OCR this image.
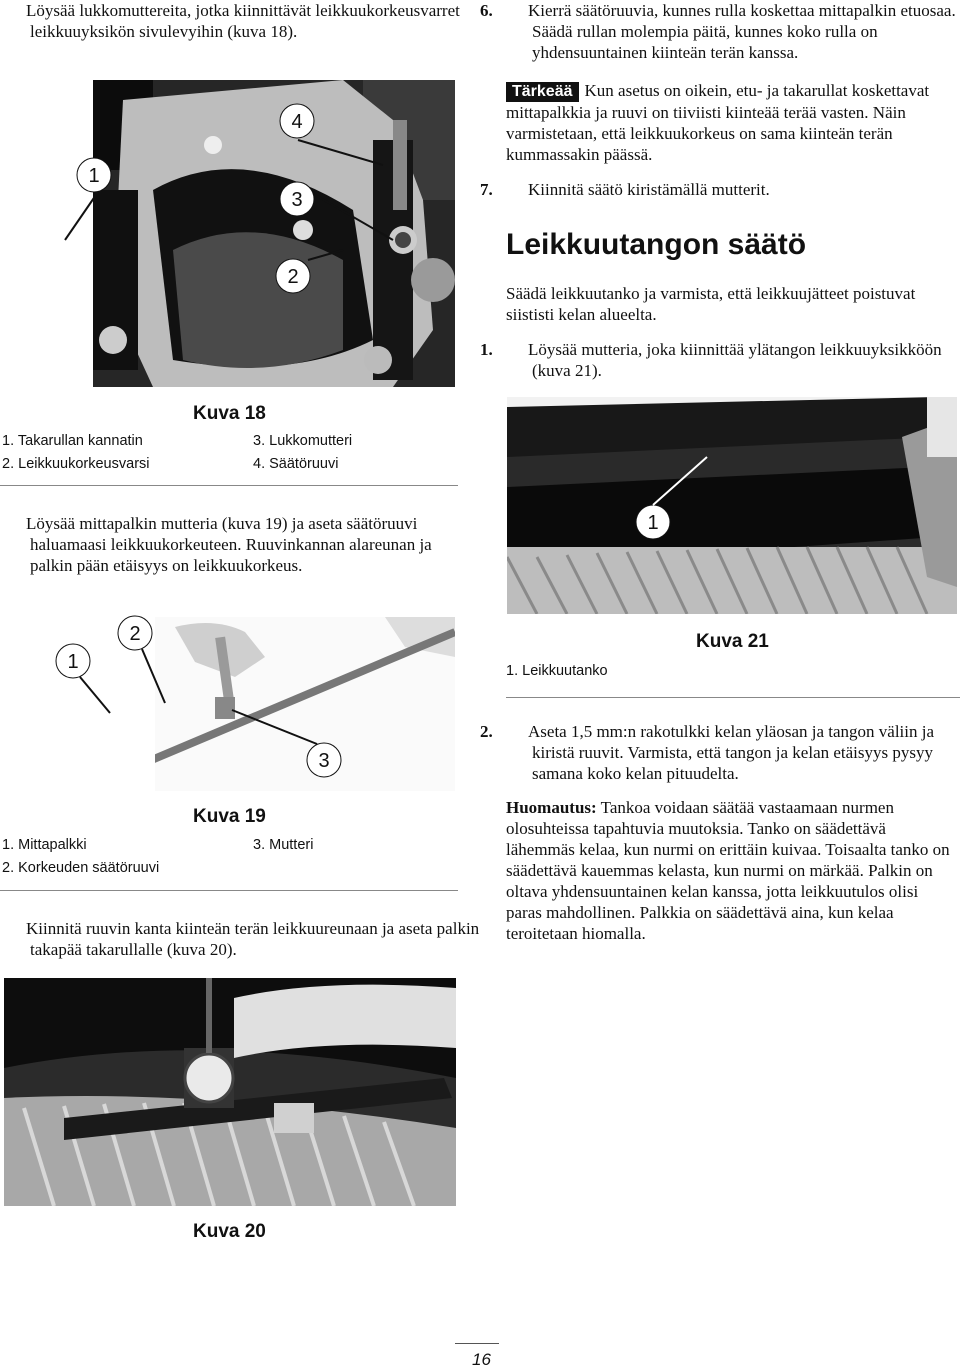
Löysää lukkomuttereita, jotka kiinnittävät leikkuukorkeusvarret leikkuuyksikön sivulevyihin (kuva 18).
1
4
3
2
Kuva 18
1. Takarullan kannatin
2. Leikkuukorkeusvarsi
3. Lukkomutteri
4. Säätöruuvi
Löysää mittapalkin mutteria (kuva 19) ja aseta säätöruuvi haluamaasi leikkuukorkeuteen. Ruuvinkannan alareunan ja palkin pään etäisyys on leikkuukorkeus.
1
2
3
Kuva 19
1. Mittapalkki
2. Korkeuden säätöruuvi
3. Mutteri
Kiinnitä ruuvin kanta kiinteän terän leikkuureunaan ja aseta palkin takapää takarullalle (kuva 20).
6. Kierrä säätöruuvia, kunnes rulla koskettaa mittapalkin etuosaa. Säädä rullan molempia päitä, kunnes koko rulla on yhdensuuntainen kiinteän terän kanssa.
Tärkeää Kun asetus on oikein, etu- ja takarullat koskettavat mittapalkkia ja ruuvi on tiiviisti kiinteää terää vasten. Näin varmistetaan, että leikkuukorkeus on sama kiinteän terän kummassakin päässä.
7. Kiinnitä säätö kiristämällä mutterit.
Leikkuutangon säätö
Säädä leikkuutanko ja varmista, että leikkuujätteet poistuvat siististi kelan alueelta.
1. Löysää mutteria, joka kiinnittää ylätangon leikkuuyksikköön (kuva 21).
1
1. Leikkuutanko
Kuva 21
2. Aseta 1,5 mm:n rakotulkki kelan yläosan ja tangon väliin ja kiristä ruuvit. Varmista, että tangon ja kelan etäisyys pysyy samana koko kelan pituudelta.
Huomautus: Tankoa voidaan säätää vastaamaan nurmen olosuhteissa tapahtuvia muutoksia. Tanko on säädettävä lähemmäs kelaa, kun nurmi on erittäin kuivaa. Toisaalta tanko on säädettävä kauemmas kelasta, kun nurmi on märkää. Palkin on oltava yhdensuuntainen kelan kanssa, jotta leikkuutulos olisi paras mahdollinen. Palkkia on säädettävä aina, kun kelaa teroitetaan hiomalla.
Kuva 20
16
